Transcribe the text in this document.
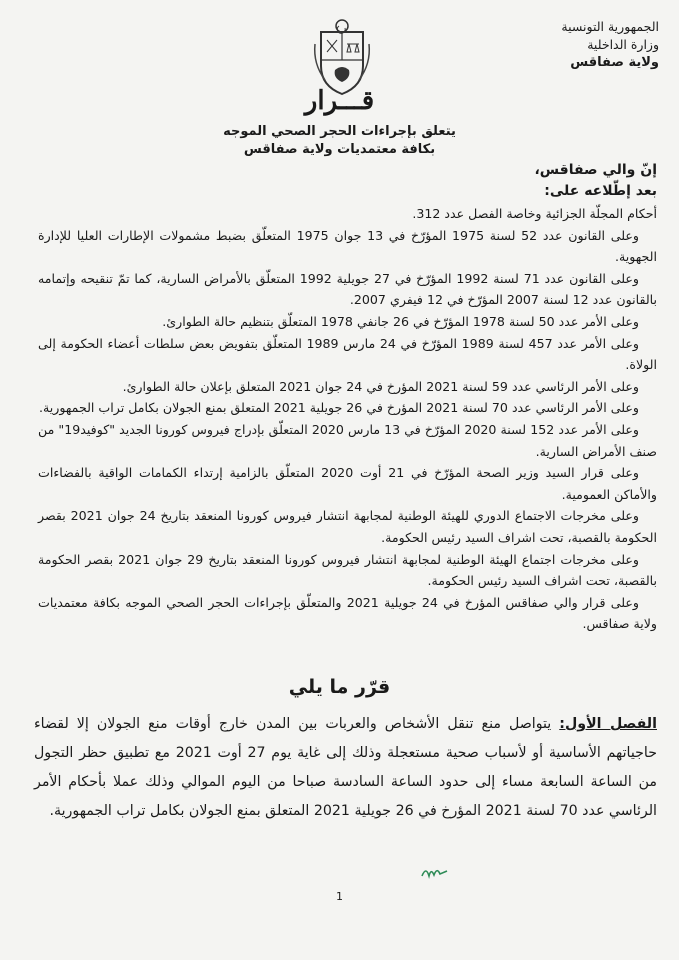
الجمهورية التونسية
وزارة الداخلية
ولاية صفاقس
قـــرار
يتعلق بإجراءات الحجر الصحي الموجه
بكافة معتمديات ولاية صفاقس
إنّ والي صفاقس،
بعد إطّلاعه على:

أحكام المجلّة الجزائية وخاصة الفصل عدد 312.

وعلى القانون عدد 52 لسنة 1975 المؤرّخ في 13 جوان 1975 المتعلّق بضبط مشمولات الإطارات العليا للإدارة الجهوية.

وعلى القانون عدد 71 لسنة 1992 المؤرّخ في 27 جويلية 1992 المتعلّق بالأمراض السارية، كما تمّ تنقيحه وإتمامه بالقانون عدد 12 لسنة 2007 المؤرّخ في 12 فيفري 2007.

وعلى الأمر عدد 50 لسنة 1978 المؤرّخ في 26 جانفي 1978 المتعلّق بتنظيم حالة الطوارئ.

وعلى الأمر عدد 457 لسنة 1989 المؤرّخ في 24 مارس 1989 المتعلّق بتفويض بعض سلطات أعضاء الحكومة إلى الولاة.

وعلى الأمر الرئاسي عدد 59 لسنة 2021 المؤرخ في 24 جوان 2021 المتعلق بإعلان حالة الطوارئ.

وعلى الأمر الرئاسي عدد 70 لسنة 2021 المؤرخ في 26 جويلية 2021 المتعلق بمنع الجولان بكامل تراب الجمهورية.

وعلى الأمر عدد 152 لسنة 2020 المؤرّخ في 13 مارس 2020 المتعلّق بإدراج فيروس كورونا الجديد "كوفيد19" من صنف الأمراض السارية.

وعلى قرار السيد وزير الصحة المؤرّخ في 21 أوت 2020 المتعلّق بالزامية إرتداء الكمامات الواقية بالفضاءات والأماكن العمومية.

وعلى مخرجات الاجتماع الدوري للهيئة الوطنية لمجابهة انتشار فيروس كورونا المنعقد بتاريخ 24 جوان 2021 بقصر الحكومة بالقصبة، تحت اشراف السيد رئيس الحكومة.

وعلى مخرجات اجتماع الهيئة الوطنية لمجابهة انتشار فيروس كورونا المنعقد بتاريخ 29 جوان 2021 بقصر الحكومة بالقصبة، تحت اشراف السيد رئيس الحكومة.

وعلى قرار والي صفاقس المؤرخ في 24 جويلية 2021 والمتعلّق بإجراءات الحجر الصحي الموجه بكافة معتمديات ولاية صفاقس.

قرّر ما يلي
الفصل الأول: يتواصل منع تنقل الأشخاص والعربات بين المدن خارج أوقات منع الجولان إلا لقضاء حاجياتهم الأساسية أو لأسباب صحية مستعجلة وذلك إلى غاية يوم 27 أوت 2021 مع تطبيق حظر التجول من الساعة السابعة مساء إلى حدود الساعة السادسة صباحا من اليوم الموالي وذلك عملا بأحكام الأمر الرئاسي عدد 70 لسنة 2021 المؤرخ في 26 جويلية 2021 المتعلق بمنع الجولان بكامل تراب الجمهورية.
1
